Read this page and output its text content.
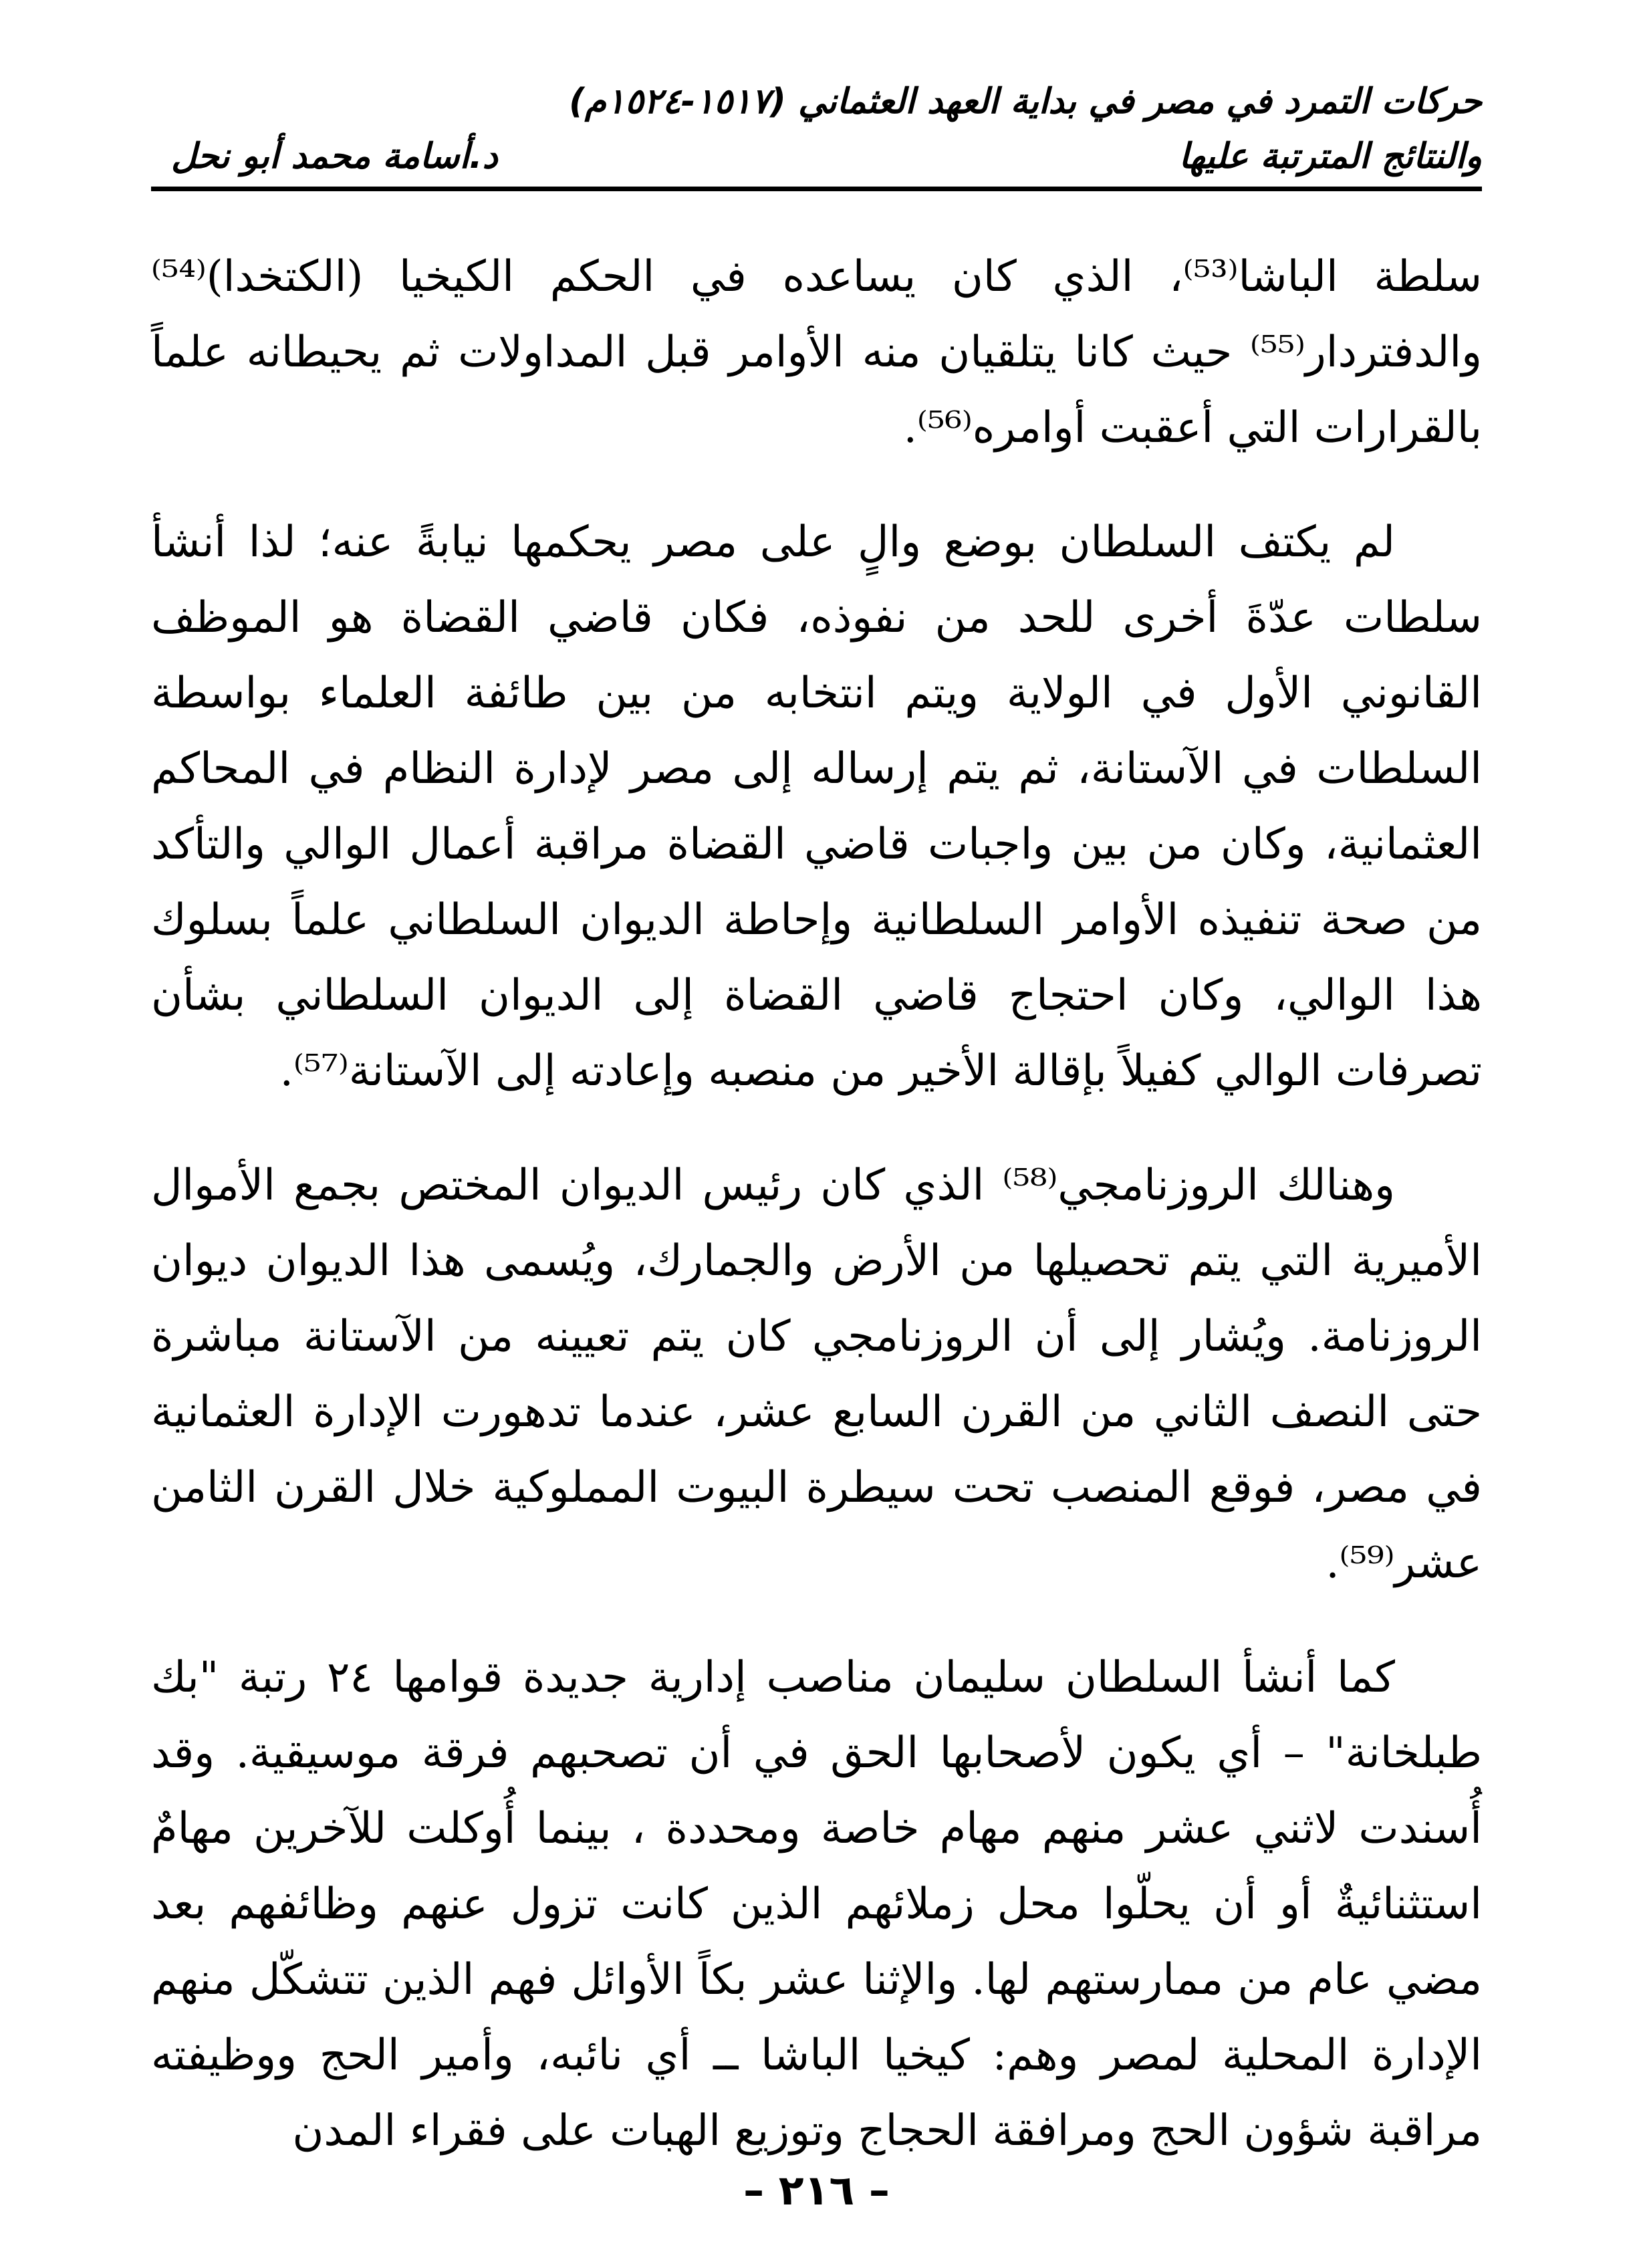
حركات التمرد في مصر في بداية العهد العثماني (١٥١٧-١٥٢٤م)
والنتائج المترتبة عليها
د.أسامة محمد أبو نحل

سلطة الباشا⁽⁵³⁾، الذي كان يساعده في الحكم الكيخيا (الكتخدا)⁽⁵⁴⁾ والدفتردار⁽⁵⁵⁾ حيث كانا يتلقيان منه الأوامر قبل المداولات ثم يحيطانه علماً بالقرارات التي أعقبت أوامره⁽⁵⁶⁾.

لم يكتف السلطان بوضع والٍ على مصر يحكمها نيابةً عنه؛ لذا أنشأ سلطات عدّةَ أخرى للحد من نفوذه، فكان قاضي القضاة هو الموظف القانوني الأول في الولاية ويتم انتخابه من بين طائفة العلماء بواسطة السلطات في الآستانة، ثم يتم إرساله إلى مصر لإدارة النظام في المحاكم العثمانية، وكان من بين واجبات قاضي القضاة مراقبة أعمال الوالي والتأكد من صحة تنفيذه الأوامر السلطانية وإحاطة الديوان السلطاني علماً بسلوك هذا الوالي، وكان احتجاج قاضي القضاة إلى الديوان السلطاني بشأن تصرفات الوالي كفيلاً بإقالة الأخير من منصبه وإعادته إلى الآستانة⁽⁵⁷⁾.

وهنالك الروزنامجي⁽⁵⁸⁾ الذي كان رئيس الديوان المختص بجمع الأموال الأميرية التي يتم تحصيلها من الأرض والجمارك، ويُسمى هذا الديوان ديوان الروزنامة. ويُشار إلى أن الروزنامجي كان يتم تعيينه من الآستانة مباشرة حتى النصف الثاني من القرن السابع عشر، عندما تدهورت الإدارة العثمانية في مصر، فوقع المنصب تحت سيطرة البيوت المملوكية خلال القرن الثامن عشر⁽⁵⁹⁾.

كما أنشأ السلطان سليمان مناصب إدارية جديدة قوامها ٢٤ رتبة "بك طبلخانة" – أي يكون لأصحابها الحق في أن تصحبهم فرقة موسيقية. وقد أُسندت لاثني عشر منهم مهام خاصة ومحددة ، بينما أُوكلت للآخرين مهامٌ استثنائيةٌ أو أن يحلّوا محل زملائهم الذين كانت تزول عنهم وظائفهم بعد مضي عام من ممارستهم لها. والإثنا عشر بكاً الأوائل فهم الذين تتشكّل منهم الإدارة المحلية لمصر وهم: كيخيا الباشا ــ أي نائبه، وأمير الحج ووظيفته مراقبة شؤون الحج ومرافقة الحجاج وتوزيع الهبات على فقراء المدن

– ٢١٦ –
